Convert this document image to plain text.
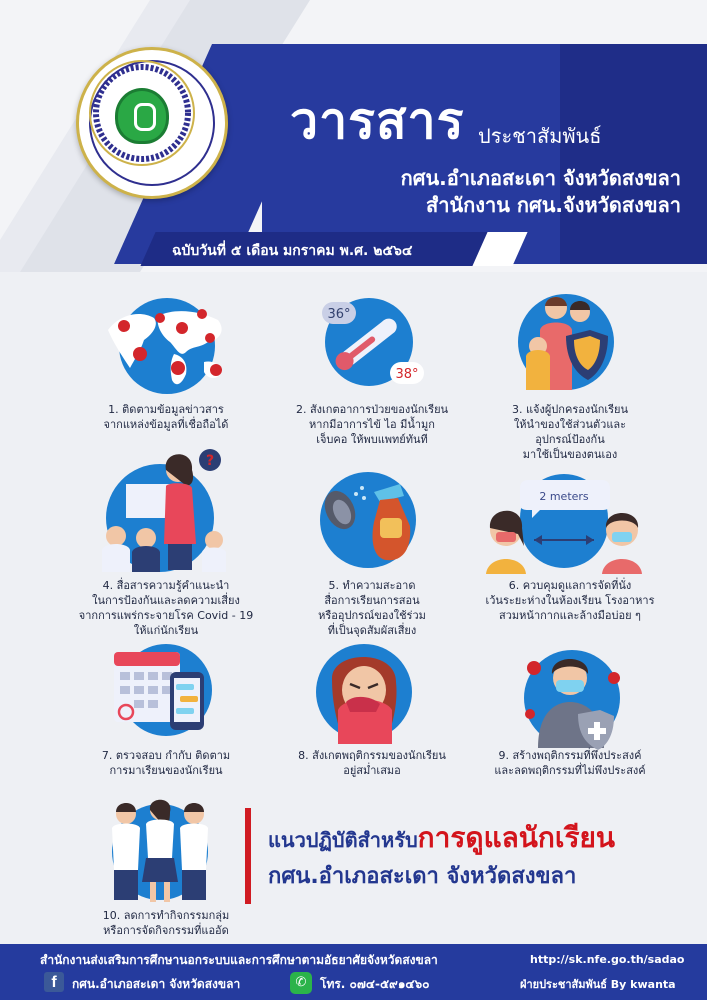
วารสาร ประชาสัมพันธ์
กศน.อำเภอสะเดา จังหวัดสงขลา
สำนักงาน กศน.จังหวัดสงขลา
ฉบับวันที่ ๕ เดือน มกราคม พ.ศ. ๒๕๖๔
36°
38°
?
2 meters
1. ติดตามข้อมูลข่าวสาร
จากแหล่งข้อมูลที่เชื่อถือได้
2. สังเกตอาการป่วยของนักเรียน
หากมีอาการไข้ ไอ มีน้ำมูก
เจ็บคอ ให้พบแพทย์ทันที
3. แจ้งผู้ปกครองนักเรียน
ให้นำของใช้ส่วนตัวและ
อุปกรณ์ป้องกัน
มาใช้เป็นของตนเอง
4. สื่อสารความรู้คำแนะนำ
ในการป้องกันและลดความเสี่ยง
จากการแพร่กระจายโรค Covid - 19
ให้แก่นักเรียน
5. ทำความสะอาด
สื่อการเรียนการสอน
หรืออุปกรณ์ของใช้ร่วม
ที่เป็นจุดสัมผัสเสี่ยง
6. ควบคุมดูแลการจัดที่นั่ง
เว้นระยะห่างในห้องเรียน โรงอาหาร
สวมหน้ากากและล้างมือบ่อย ๆ
7. ตรวจสอบ กำกับ ติดตาม
การมาเรียนของนักเรียน
8. สังเกตพฤติกรรมของนักเรียน
อยู่สม่ำเสมอ
9. สร้างพฤติกรรมที่พึงประสงค์
และลดพฤติกรรมที่ไม่พึงประสงค์
10. ลดการทำกิจกรรมกลุ่ม
หรือการจัดกิจกรรมที่แออัด
แนวปฏิบัติสำหรับการดูแลนักเรียน
กศน.อำเภอสะเดา จังหวัดสงขลา
สำนักงานส่งเสริมการศึกษานอกระบบและการศึกษาตามอัธยาศัยจังหวัดสงขลา	http://sk.nfe.go.th/sadao
f	กศน.อำเภอสะเดา จังหวัดสงขลา	✆	โทร. ๐๗๔-๕๙๑๔๖๐	ฝ่ายประชาสัมพันธ์ By kwanta
